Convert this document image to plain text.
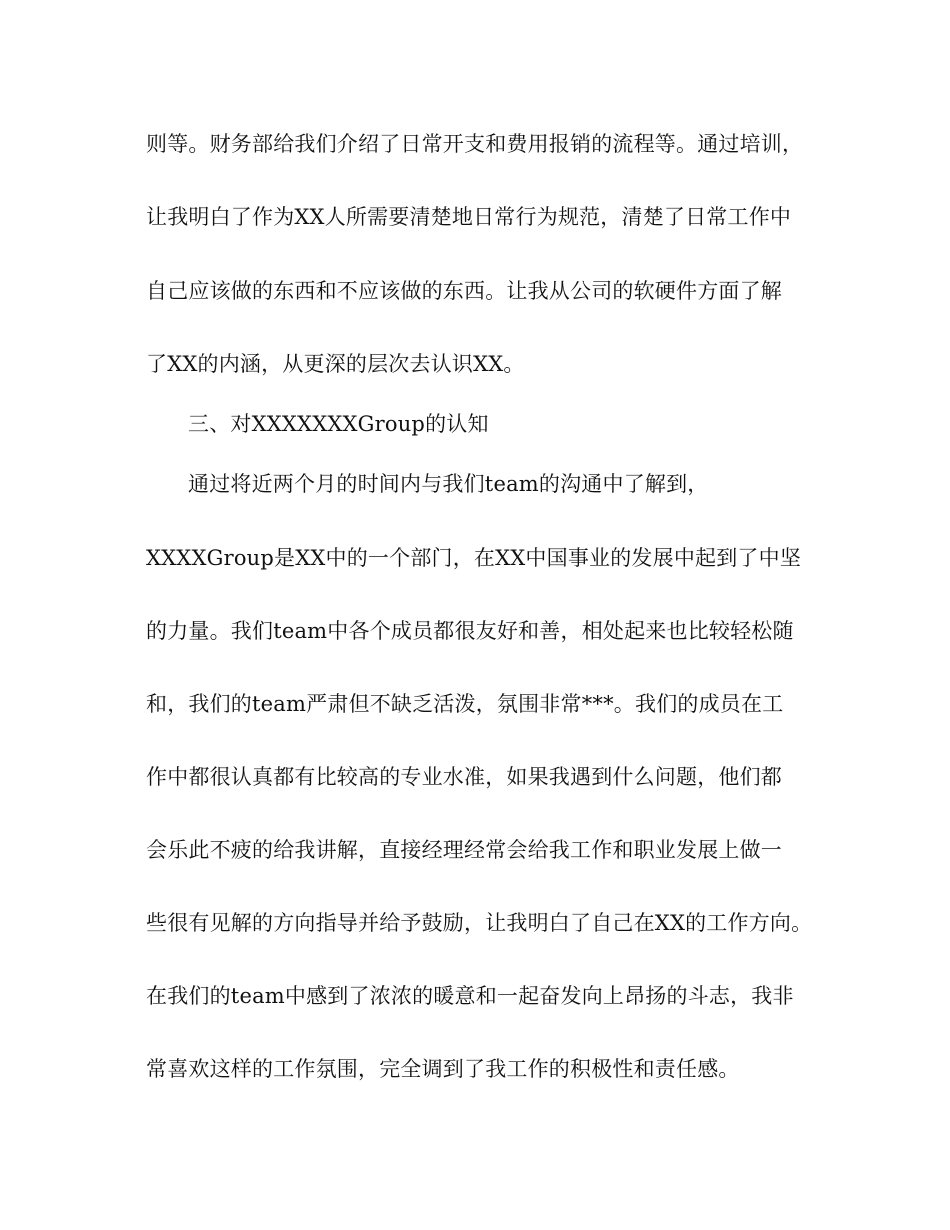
则等。财务部给我们介绍了日常开支和费用报销的流程等。通过培训，
让我明白了作为XX人所需要清楚地日常行为规范，清楚了日常工作中
自己应该做的东西和不应该做的东西。让我从公司的软硬件方面了解
了XX的内涵，从更深的层次去认识XX。
三、对XXXXXXXGroup的认知
通过将近两个月的时间内与我们team的沟通中了解到，
XXXXGroup是XX中的一个部门，在XX中国事业的发展中起到了中坚
的力量。我们team中各个成员都很友好和善，相处起来也比较轻松随
和，我们的team严肃但不缺乏活泼，氛围非常***。我们的成员在工
作中都很认真都有比较高的专业水准，如果我遇到什么问题，他们都
会乐此不疲的给我讲解，直接经理经常会给我工作和职业发展上做一
些很有见解的方向指导并给予鼓励，让我明白了自己在XX的工作方向。
在我们的team中感到了浓浓的暖意和一起奋发向上昂扬的斗志，我非
常喜欢这样的工作氛围，完全调到了我工作的积极性和责任感。
